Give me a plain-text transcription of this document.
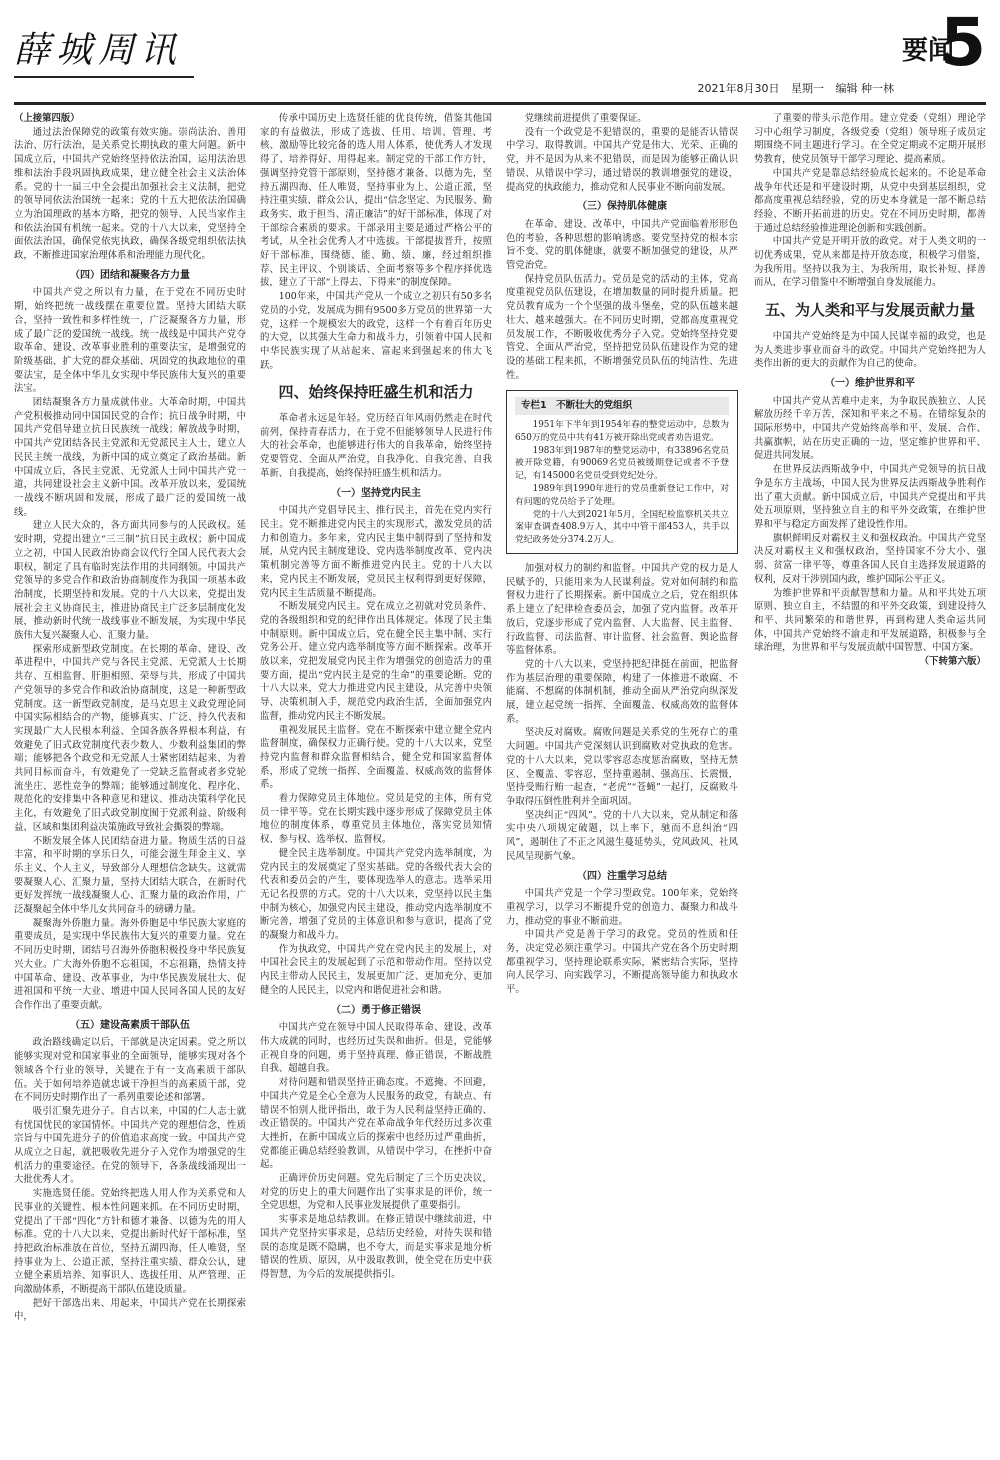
薛城周讯
2021年8月30日 星期一 编辑 种一林
要闻
5

（上接第四版）

通过法治保障党的政策有效实施。崇尚法治、善用法治、厉行法治，是关系党长期执政的重大问题。新中国成立后，中国共产党始终坚持依法治国，运用法治思维和法治手段巩固执政成果，建立健全社会主义法治体系。党的十一届三中全会提出加强社会主义法制，把党的领导同依法治国统一起来；党的十五大把依法治国确立为治国理政的基本方略，把党的领导、人民当家作主和依法治国有机统一起来。党的十八大以来，党坚持全面依法治国，确保党依宪执政，确保各级党组织依法执政，不断推进国家治理体系和治理能力现代化。

（四）团结和凝聚各方力量

中国共产党之所以有力量，在于党在不同历史时期，始终把统一战线摆在重要位置。坚持大团结大联合，坚持一致性和多样性统一，广泛凝聚各方力量，形成了最广泛的爱国统一战线。统一战线是中国共产党夺取革命、建设、改革事业胜利的重要法宝，是增强党的阶级基础、扩大党的群众基础、巩固党的执政地位的重要法宝，是全体中华儿女实现中华民族伟大复兴的重要法宝。

团结凝聚各方力量成就伟业。大革命时期，中国共产党积极推动同中国国民党的合作；抗日战争时期，中国共产党倡导建立抗日民族统一战线；解放战争时期，中国共产党团结各民主党派和无党派民主人士，建立人民民主统一战线，为新中国的成立奠定了政治基础。新中国成立后，各民主党派、无党派人士同中国共产党一道，共同建设社会主义新中国。改革开放以来，爱国统一战线不断巩固和发展，形成了最广泛的爱国统一战线。

建立人民大众的，各方面共同参与的人民政权。延安时期，党提出建立“三三制”抗日民主政权；新中国成立之初，中国人民政治协商会议代行全国人民代表大会职权，制定了具有临时宪法作用的共同纲领。中国共产党领导的多党合作和政治协商制度作为我国一项基本政治制度，长期坚持和发展。党的十八大以来，党提出发展社会主义协商民主，推进协商民主广泛多层制度化发展，推动新时代统一战线事业不断发展，为实现中华民族伟大复兴凝聚人心、汇聚力量。

探索形成新型政党制度。在长期的革命、建设、改革进程中，中国共产党与各民主党派、无党派人士长期共存、互相监督、肝胆相照、荣辱与共，形成了中国共产党领导的多党合作和政治协商制度，这是一种新型政党制度。这一新型政党制度，是马克思主义政党理论同中国实际相结合的产物，能够真实、广泛、持久代表和实现最广大人民根本利益、全国各族各界根本利益，有效避免了旧式政党制度代表少数人、少数利益集团的弊端；能够把各个政党和无党派人士紧密团结起来、为着共同目标而奋斗，有效避免了一党缺乏监督或者多党轮流坐庄、恶性竞争的弊端；能够通过制度化、程序化、规范化的安排集中各种意见和建议、推动决策科学化民主化，有效避免了旧式政党制度囿于党派利益、阶级利益、区域和集团利益决策施政导致社会撕裂的弊端。

不断发展全体人民团结奋进力量。物质生活的日益丰富，和平时期的享乐日久，可能会滋生拜金主义、享乐主义、个人主义，导致部分人理想信念缺失。这就需要凝聚人心、汇聚力量，坚持大团结大联合，在新时代更好发挥统一战线凝聚人心、汇聚力量的政治作用，广泛凝聚起全体中华儿女共同奋斗的磅礴力量。

凝聚海外侨胞力量。海外侨胞是中华民族大家庭的重要成员，是实现中华民族伟大复兴的重要力量。党在不同历史时期，团结号召海外侨胞积极投身中华民族复兴大业。广大海外侨胞不忘祖国，不忘祖籍，热情支持中国革命、建设、改革事业，为中华民族发展壮大、促进祖国和平统一大业、增进中国人民同各国人民的友好合作作出了重要贡献。

（五）建设高素质干部队伍

政治路线确定以后，干部就是决定因素。党之所以能够实现对党和国家事业的全面领导，能够实现对各个领域各个行业的领导，关键在于有一支高素质干部队伍。关于如何培养造就忠诚干净担当的高素质干部，党在不同历史时期作出了一系列重要论述和部署。

吸引汇聚先进分子。自古以来，中国的仁人志士就有忧国忧民的家国情怀。中国共产党的理想信念，性质宗旨与中国先进分子的价值追求高度一致。中国共产党从成立之日起，就把吸收先进分子入党作为增强党的生机活力的重要途径。在党的领导下，各条战线涌现出一大批优秀人才。

实施选贤任能。党始终把选人用人作为关系党和人民事业的关键性、根本性问题来抓。在不同历史时期，党提出了干部“四化”方针和德才兼备、以德为先的用人标准。党的十八大以来，党提出新时代好干部标准，坚持把政治标准放在首位，坚持五湖四海、任人唯贤，坚持事业为上、公道正派，坚持注重实绩、群众公认，建立健全素质培养、知事识人、选拔任用、从严管理、正向激励体系，不断提高干部队伍建设质量。

把好干部选出来、用起来，中国共产党在长期探索中，

传承中国历史上选贤任能的优良传统，借鉴其他国家的有益做法，形成了选拔、任用、培训、管理、考核、激励等比较完备的选人用人体系，使优秀人才发现得了、培养得好、用得起来。制定党的干部工作方针，强调坚持党管干部原则，坚持德才兼备、以德为先，坚持五湖四海、任人唯贤，坚持事业为上、公道正派，坚持注重实绩、群众公认，提出“信念坚定、为民服务、勤政务实、敢于担当、清正廉洁”的好干部标准，体现了对干部综合素质的要求。干部录用主要是通过严格公平的考试，从全社会优秀人才中选拔。干部提拔晋升，按照好干部标准，围绕德、能、勤、绩、廉，经过组织推荐、民主评议、个别谈话、全面考察等多个程序择优选拔，建立了干部“上得去、下得来”的制度保障。

100年来，中国共产党从一个成立之初只有50多名党员的小党，发展成为拥有9500多万党员的世界第一大党，这样一个规模宏大的政党，这样一个有着百年历史的大党，以其强大生命力和战斗力，引领着中国人民和中华民族实现了从站起来、富起来到强起来的伟大飞跃。

四、始终保持旺盛生机和活力

革命者永远是年轻。党历经百年风雨仍然走在时代前列，保持青春活力，在于党不但能够领导人民进行伟大的社会革命，也能够进行伟大的自我革命，始终坚持党要管党、全面从严治党，自我净化、自我完善、自我革新、自我提高，始终保持旺盛生机和活力。

（一）坚持党内民主

中国共产党倡导民主、推行民主，首先在党内实行民主。党不断推进党内民主的实现形式，激发党员的活力和创造力。多年来，党内民主集中制得到了坚持和发展，从党内民主制度建设、党内选举制度改革、党内决策机制完善等方面不断推进党内民主。党的十八大以来，党内民主不断发展，党员民主权利得到更好保障，党内民主生活质量不断提高。

不断发展党内民主。党在成立之初就对党员条件、党的各级组织和党的纪律作出具体规定。体现了民主集中制原则。新中国成立后，党在健全民主集中制、实行党务公开、建立党内选举制度等方面不断探索。改革开放以来，党把发展党内民主作为增强党的创造活力的重要方面，提出“党内民主是党的生命”的重要论断。党的十八大以来，党大力推进党内民主建设，从完善中央领导、决策机制入手，规范党内政治生活，全面加强党内监督，推动党内民主不断发展。

重视发展民主监督。党在不断探索中建立健全党内监督制度，确保权力正确行使。党的十八大以来，党坚持党内监督和群众监督相结合，健全党和国家监督体系，形成了党统一指挥、全面覆盖、权威高效的监督体系。

着力保障党员主体地位。党员是党的主体，所有党员一律平等。党在长期实践中逐步形成了保障党员主体地位的制度体系，尊重党员主体地位，落实党员知情权、参与权、选举权、监督权。

健全民主选举制度。中国共产党党内选举制度，为党内民主的发展奠定了坚实基础。党的各级代表大会的代表和委员会的产生，要体现选举人的意志。选举采用无记名投票的方式。党的十八大以来，党坚持以民主集中制为核心，加强党内民主建设，推动党内选举制度不断完善，增强了党员的主体意识和参与意识，提高了党的凝聚力和战斗力。

作为执政党，中国共产党在党内民主的发展上，对中国社会民主的发展起到了示范和带动作用。坚持以党内民主带动人民民主，发展更加广泛、更加充分、更加健全的人民民主，以党内和谐促进社会和谐。

（二）勇于修正错误

中国共产党在领导中国人民取得革命、建设、改革伟大成就的同时，也经历过失误和曲折。但是，党能够正视自身的问题，勇于坚持真理、修正错误，不断战胜自我、超越自我。

对待问题和错误坚持正确态度。不遮掩、不回避，中国共产党是全心全意为人民服务的政党，有缺点、有错误不怕别人批评指出，敢于为人民利益坚持正确的、改正错误的。中国共产党在革命战争年代经历过多次重大挫折，在新中国成立后的探索中也经历过严重曲折，党都能正确总结经验教训，从错误中学习，在挫折中奋起。

正确评价历史问题。党先后制定了三个历史决议，对党的历史上的重大问题作出了实事求是的评价，统一全党思想，为党和人民事业发展提供了重要指引。

实事求是地总结教训。在修正错误中继续前进，中国共产党坚持实事求是，总结历史经验，对待失误和错误的态度是既不隐瞒，也不夸大，而是实事求是地分析错误的性质、原因，从中汲取教训，使全党在历史中获得智慧，为今后的发展提供指引。

党继续前进提供了重要保证。

没有一个政党是不犯错误的，重要的是能否认错误中学习、取得教训。中国共产党是伟大、光荣、正确的党，并不是因为从来不犯错误，而是因为能够正确认识错误、从错误中学习，通过错误的教训增强党的建设，提高党的执政能力，推动党和人民事业不断向前发展。

（三）保持肌体健康

在革命、建设、改革中，中国共产党面临着形形色色的考验，各种思想的影响诱惑。要党坚持党的根本宗旨不变、党的肌体健康，就要不断加强党的建设，从严管党治党。

保持党员队伍活力。党员是党的活动的主体，党高度重视党员队伍建设，在增加数量的同时提升质量。把党员教育成为一个个坚强的战斗堡垒，党的队伍越来越壮大、越来越强大。在不同历史时期，党都高度重视党员发展工作，不断吸收优秀分子入党。党始终坚持党要管党、全面从严治党，坚持把党员队伍建设作为党的建设的基础工程来抓，不断增强党员队伍的纯洁性、先进性。

专栏1　不断壮大的党组织

1951年下半年到1954年春的整党运动中，总数为650万的党员中共有41万被开除出党或者劝告退党。

1983年到1987年的整党运动中，有33896名党员被开除党籍，有90069名党员被缓期登记或者不予登记，有145000名党员受到党纪处分。

1989年到1990年进行的党员重新登记工作中，对有问题的党员给予了处理。

党的十八大到2021年5月，全国纪检监察机关共立案审查调查408.9万人，其中中管干部453人，共手以党纪政务处分374.2万人。

加强对权力的制约和监督。中国共产党的权力是人民赋予的，只能用来为人民谋利益。党对如何制约和监督权力进行了长期探索。新中国成立之后，党在组织体系上建立了纪律检查委员会，加强了党内监督。改革开放后，党逐步形成了党内监督、人大监督、民主监督、行政监督、司法监督、审计监督、社会监督、舆论监督等监督体系。

党的十八大以来，党坚持把纪律挺在前面，把监督作为基层治理的重要保障，构建了一体推进不敢腐、不能腐、不想腐的体制机制，推动全面从严治党向纵深发展，建立起党统一指挥、全面覆盖、权威高效的监督体系。

坚决反对腐败。腐败问题是关系党的生死存亡的重大问题。中国共产党深刻认识到腐败对党执政的危害。党的十八大以来，党以零容忍态度惩治腐败，坚持无禁区、全覆盖、零容忍，坚持重遏制、强高压、长震慑，坚持受贿行贿一起查，“老虎”“苍蝇”一起打，反腐败斗争取得压倒性胜利并全面巩固。

坚决纠正“四风”。党的十八大以来，党从制定和落实中央八项规定破题，以上率下，驰而不息纠治“四风”，遏制住了不正之风滋生蔓延势头，党风政风、社风民风呈现新气象。

（四）注重学习总结

中国共产党是一个学习型政党。100年来，党始终重视学习，以学习不断提升党的创造力、凝聚力和战斗力，推动党的事业不断前进。

中国共产党是善于学习的政党。党员的性质和任务，决定党必须注重学习。中国共产党在各个历史时期都重视学习，坚持理论联系实际，紧密结合实际，坚持向人民学习、向实践学习，不断提高领导能力和执政水平。

了重要的带头示范作用。建立党委（党组）理论学习中心组学习制度，各级党委（党组）领导班子成员定期围绕不同主题进行学习。在全党定期或不定期开展形势教育，使党员领导干部学习理论、提高素质。

中国共产党是靠总结经验成长起来的。不论是革命战争年代还是和平建设时期，从党中央到基层组织，党都高度重视总结经验，党的历史本身就是一部不断总结经验、不断开拓前进的历史。党在不同历史时期，都善于通过总结经验推进理论创新和实践创新。

中国共产党是开明开放的政党。对于人类文明的一切优秀成果，党从来都是持开放态度，积极学习借鉴，为我所用。坚持以我为主、为我所用，取长补短、择善而从，在学习借鉴中不断增强自身发展能力。

五、为人类和平与发展贡献力量

中国共产党始终是为中国人民谋幸福的政党，也是为人类进步事业而奋斗的政党。中国共产党始终把为人类作出新的更大的贡献作为自己的使命。

（一）维护世界和平

中国共产党从苦难中走来，为争取民族独立、人民解放历经千辛万苦，深知和平来之不易。在错综复杂的国际形势中，中国共产党始终高举和平、发展、合作、共赢旗帜，站在历史正确的一边，坚定维护世界和平、促进共同发展。

在世界反法西斯战争中，中国共产党领导的抗日战争是东方主战场，中国人民为世界反法西斯战争胜利作出了重大贡献。新中国成立后，中国共产党提出和平共处五项原则，坚持独立自主的和平外交政策，在维护世界和平与稳定方面发挥了建设性作用。

旗帜鲜明反对霸权主义和强权政治。中国共产党坚决反对霸权主义和强权政治，坚持国家不分大小、强弱、贫富一律平等，尊重各国人民自主选择发展道路的权利，反对干涉别国内政，维护国际公平正义。

为维护世界和平贡献智慧和力量。从和平共处五项原则、独立自主，不结盟的和平外交政策，到建设持久和平、共同繁荣的和谐世界，再到构建人类命运共同体，中国共产党始终不渝走和平发展道路，积极参与全球治理，为世界和平与发展贡献中国智慧、中国方案。

（下转第六版）
